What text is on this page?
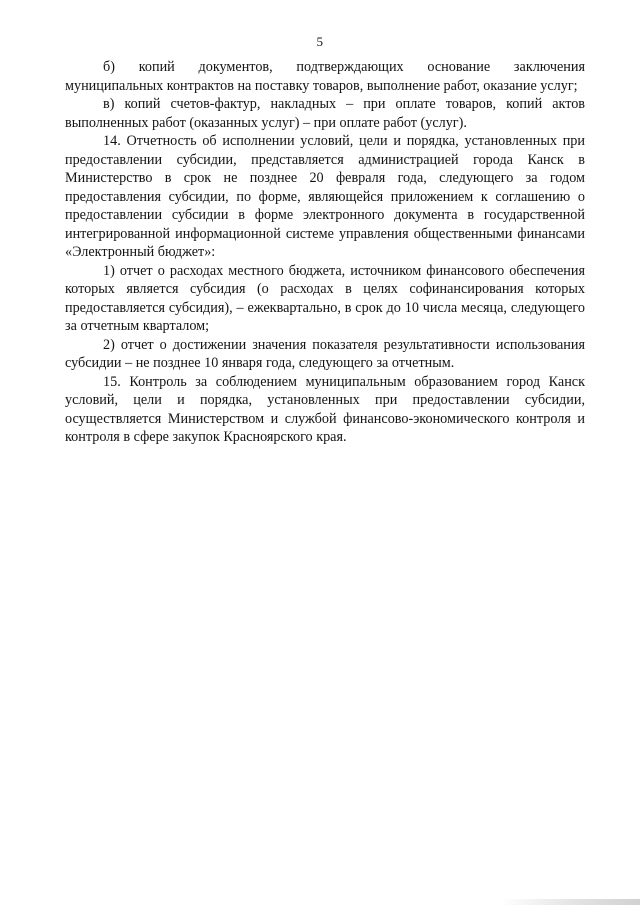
5

б) копий документов, подтверждающих основание заключения муниципальных контрактов на поставку товаров, выполнение работ, оказание услуг;

в) копий счетов-фактур, накладных – при оплате товаров, копий актов выполненных работ (оказанных услуг) – при оплате работ (услуг).

14. Отчетность об исполнении условий, цели и порядка, установленных при предоставлении субсидии, представляется администрацией города Канск в Министерство в срок не позднее 20 февраля года, следующего за годом предоставления субсидии, по форме, являющейся приложением к соглашению о предоставлении субсидии в форме электронного документа в государственной интегрированной информационной системе управления общественными финансами «Электронный бюджет»:

1) отчет о расходах местного бюджета, источником финансового обеспечения которых является субсидия (о расходах в целях софинансирования которых предоставляется субсидия), – ежеквартально, в срок до 10 числа месяца, следующего за отчетным кварталом;

2) отчет о достижении значения показателя результативности использования субсидии – не позднее 10 января года, следующего за отчетным.

15. Контроль за соблюдением муниципальным образованием город Канск условий, цели и порядка, установленных при предоставлении субсидии, осуществляется Министерством и службой финансово-экономического контроля и контроля в сфере закупок Красноярского края.
